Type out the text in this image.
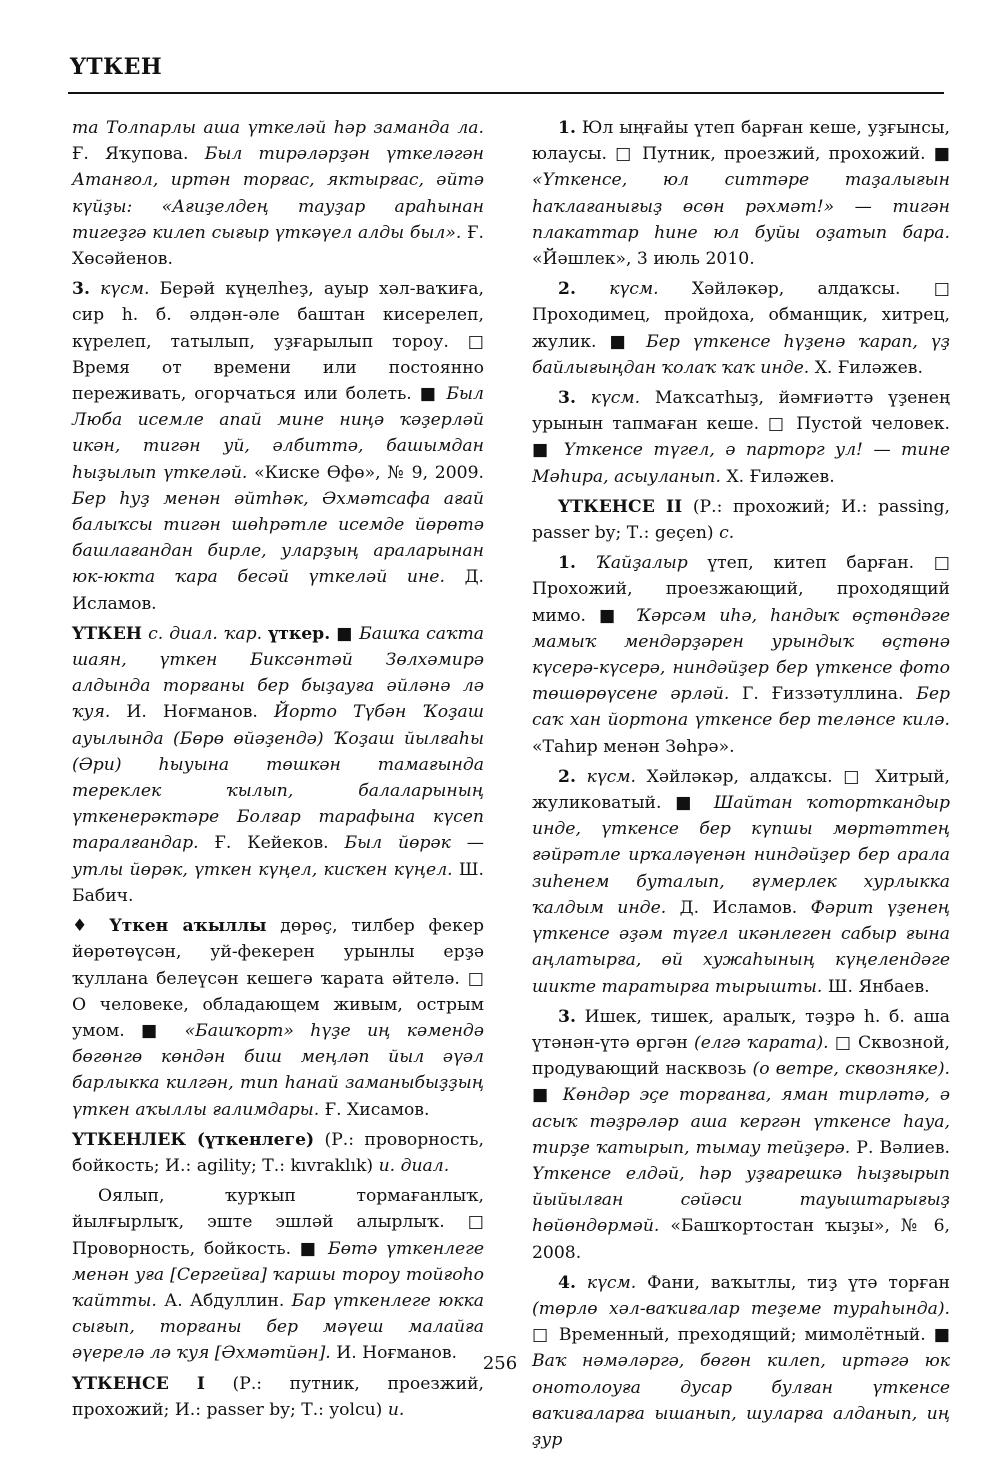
ҮТКЕН

та Толпарлы аша үткеләй һәр заманда ла. Ғ. Яҡупова. Был тирәләрҙән үткеләгән Атанғол, иртән торғас, яктырғас, әйтә күйҙы: «Ағиҙелдең тауҙар араһынан тигеҙгә килеп сығыр үткәүел алды был». Ғ. Хөсәйенов.

3. күсм. Берәй күңелһеҙ, ауыр хәл-ваҡиға, сир һ. б. әлдән-әле баштан кисерелеп, күрелеп, татылып, уҙғарылып тороу. □ Время от времени или постоянно переживать, огорчаться или болеть. ■ Был Люба исемле апай мине ниңә ҡәҙерләй икән, тигән уй, әлбиттә, башымдан һыҙылып үткеләй. «Киске Өфө», № 9, 2009. Бер һуҙ менән әйтһәк, Әхмәтсафа ағай балыҡсы тигән шөһрәтле исемде йөрөтә башлағандан бирле, уларҙың араларынан юк-юкта ҡара бесәй үткеләй ине. Д. Исламов.

ҮТКЕН с. диал. ҡар. үткер. ■ Башҡа саҡта шаян, үткен Биксәнтәй Зөлхәмирә алдында торғаны бер быҙауға әйләнә лә ҡуя. И. Ноғманов. Йорто Түбән Ҡоҙаш ауылында (Бөрө өйәҙендә) Ҡоҙаш йылғаһы (Әри) һыуына төшкән тамағында тереклек ҡылып, балаларының үткенерәктәре Болғар тарафына күсеп таралғандар. Ғ. Кейеков. Был йөрәк — утлы йөрәк, үткен күңел, кисҡен күңел. Ш. Бабич.

♦ Үткен аҡыллы дөрөҫ, тилбер фекер йөрөтөүсән, уй-фекерен урынлы ерҙә ҡуллана белеүсән кешегә ҡарата әйтелә. □ О человеке, обладающем живым, острым умом. ■ «Башҡорт» һүҙе иң кәмендә бөгөнгө көндән биш меңләп йыл әүәл барлыкка килгән, тип һанай заманыбыҙҙың үткен аҡыллы ғалимдары. Ғ. Хисамов.

ҮТКЕНЛЕК (үткенлеге) (Р.: проворность, бойкость; И.: agility; Т.: kıvraklık) и. диал.

Оялып, ҡурҡып тормағанлыҡ, йылғырлыҡ, эште эшләй алырлыҡ. □ Проворность, бойкость. ■ Бөтә үткенлеге менән уға [Сергейға] ҡаршы тороу тойғоһо ҡайтты. А. Абдуллин. Бар үткенлеге юкка сығып, торғаны бер мәүеш малайға әүерелә лә ҡуя [Әхмәтйән]. И. Ноғманов.

ҮТКЕНСЕ I (Р.: путник, проезжий, прохожий; И.: passer by; Т.: yolcu) и.

1. Юл ыңғайы үтеп барған кеше, уҙғынсы, юлаусы. □ Путник, проезжий, прохожий. ■ «Үткенсе, юл ситтәре таҙалығын һаҡлағанығыҙ өсөн рәхмәт!» — тигән плакаттар һине юл буйы оҙатып бара. «Йәшлек», 3 июль 2010.

2. күсм. Хәйләкәр, алдаҡсы. □ Проходимец, пройдоха, обманщик, хитрец, жулик. ■ Бер үткенсе һүҙенә ҡарап, үҙ байлығыңдан ҡолаҡ ҡаҡ инде. Х. Ғиләжев.

3. күсм. Маҡсатһыҙ, йәмғиәттә үҙенең урынын тапмаған кеше. □ Пустой человек. ■ Үткенсе түгел, ә парторг ул! — тине Мәһира, асыуланып. Х. Ғиләжев.

ҮТКЕНСЕ II (Р.: прохожий; И.: passing, passer by; Т.: geçen) с.

1. Ҡайҙалыр үтеп, китеп барған. □ Прохожий, проезжающий, проходящий мимо. ■ Ҡәрсәм иһә, һандыҡ өҫтөндәге мамыҡ мендәрҙәрен урындыҡ өҫтөнә күсерә-күсерә, ниндәйҙер бер үткенсе фото төшөрөүсене әрләй. Г. Ғиззәтуллина. Бер саҡ хан йортона үткенсе бер теләнсе килә. «Таһир менән Зөһрә».

2. күсм. Хәйләкәр, алдаҡсы. □ Хитрый, жуликоватый. ■ Шайтан ҡоторткандыр инде, үткенсе бер күпшы мөртәттең ғәйрәтле ирҡаләүенән ниндәйҙер бер арала зиһенем буталып, ғүмерлек хурлыкка ҡалдым инде. Д. Исламов. Фәрит үҙенең үткенсе әҙәм түгел икәнлеген сабыр ғына аңлатырға, өй хужаһының күңелендәге шикте таратырға тырышты. Ш. Янбаев.

3. Ишек, тишек, аралыҡ, тәҙрә һ. б. аша үтәнән-үтә өргән (елгә ҡарата). □ Сквозной, продувающий насквозь (о ветре, сквозняке). ■ Көндәр эҫе торғанға, яман тирләтә, ә асыҡ тәҙрәләр аша кергән үткенсе һауа, тирҙе ҡатырып, тымау тейҙерә. Р. Вәлиев. Үткенсе елдәй, һәр уҙғарешкә һыҙғырып йыйылған сәйәси тауыштарығыҙ һөйөндөрмәй. «Башҡортостан ҡыҙы», № 6, 2008.

4. күсм. Фани, ваҡытлы, тиҙ үтә торған (төрлө хәл-ваҡиғалар теҙеме тураһында). □ Временный, преходящий; мимолётный. ■ Ваҡ нәмәләргә, бөгөн килеп, иртәгә юк онотолоуға дусар булған үткенсе ваҡиғаларға ышанып, шуларға алданып, иң ҙур

256
